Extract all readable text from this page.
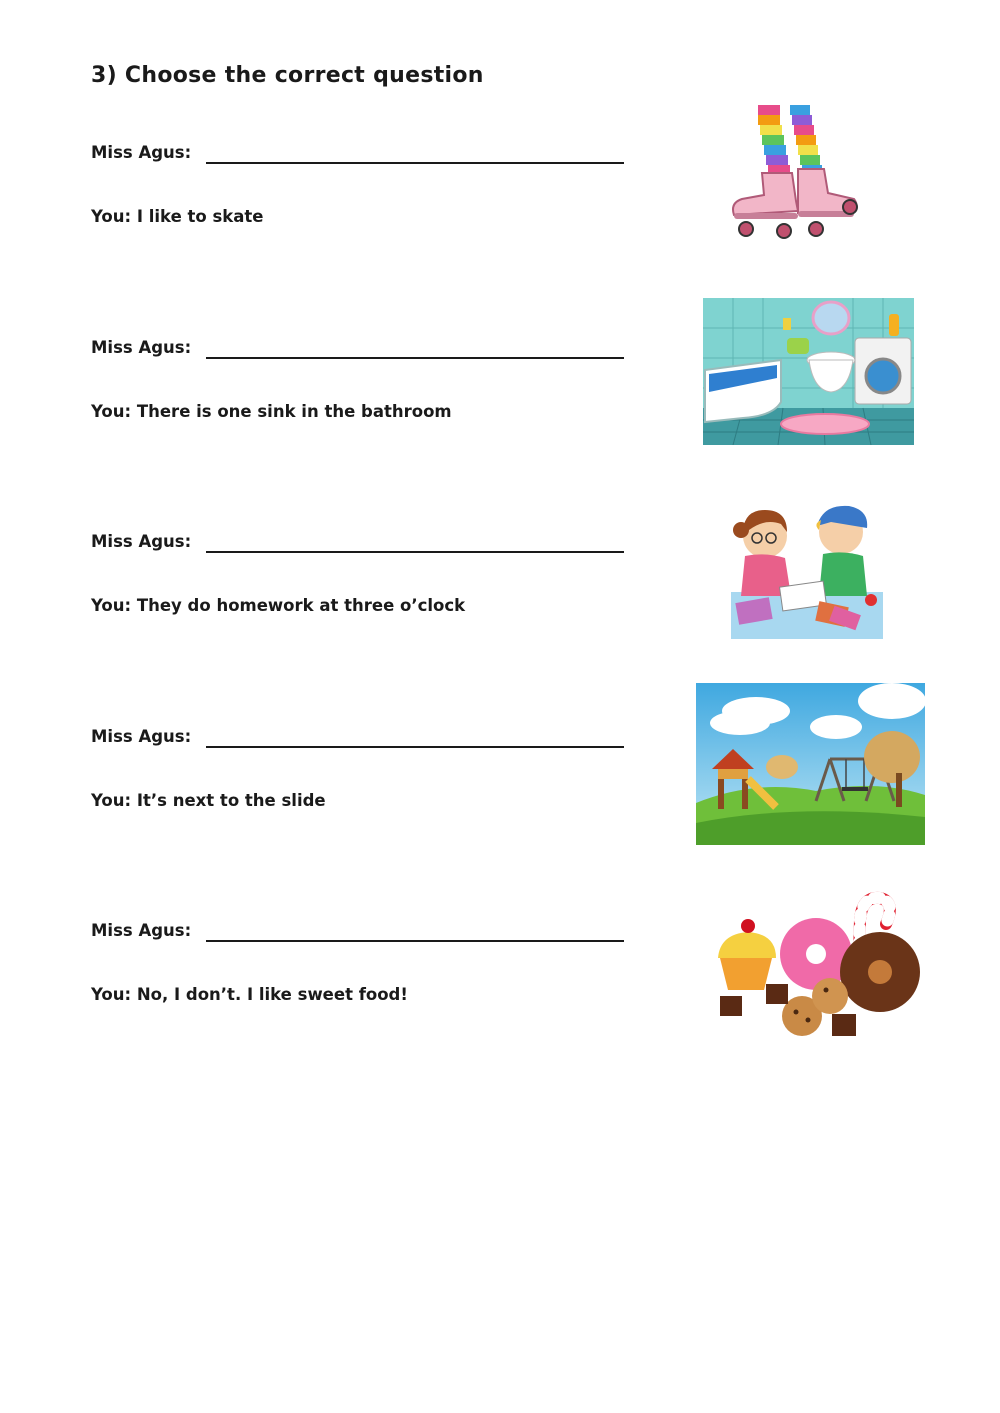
3) Choose the correct question
Miss Agus:
You: I like to skate
Miss Agus:
You: There is one sink in the bathroom
Miss Agus:
You: They do homework at three o’clock
Miss Agus:
You: It’s next to the slide
Miss Agus:
You: No, I don’t. I like sweet food!
